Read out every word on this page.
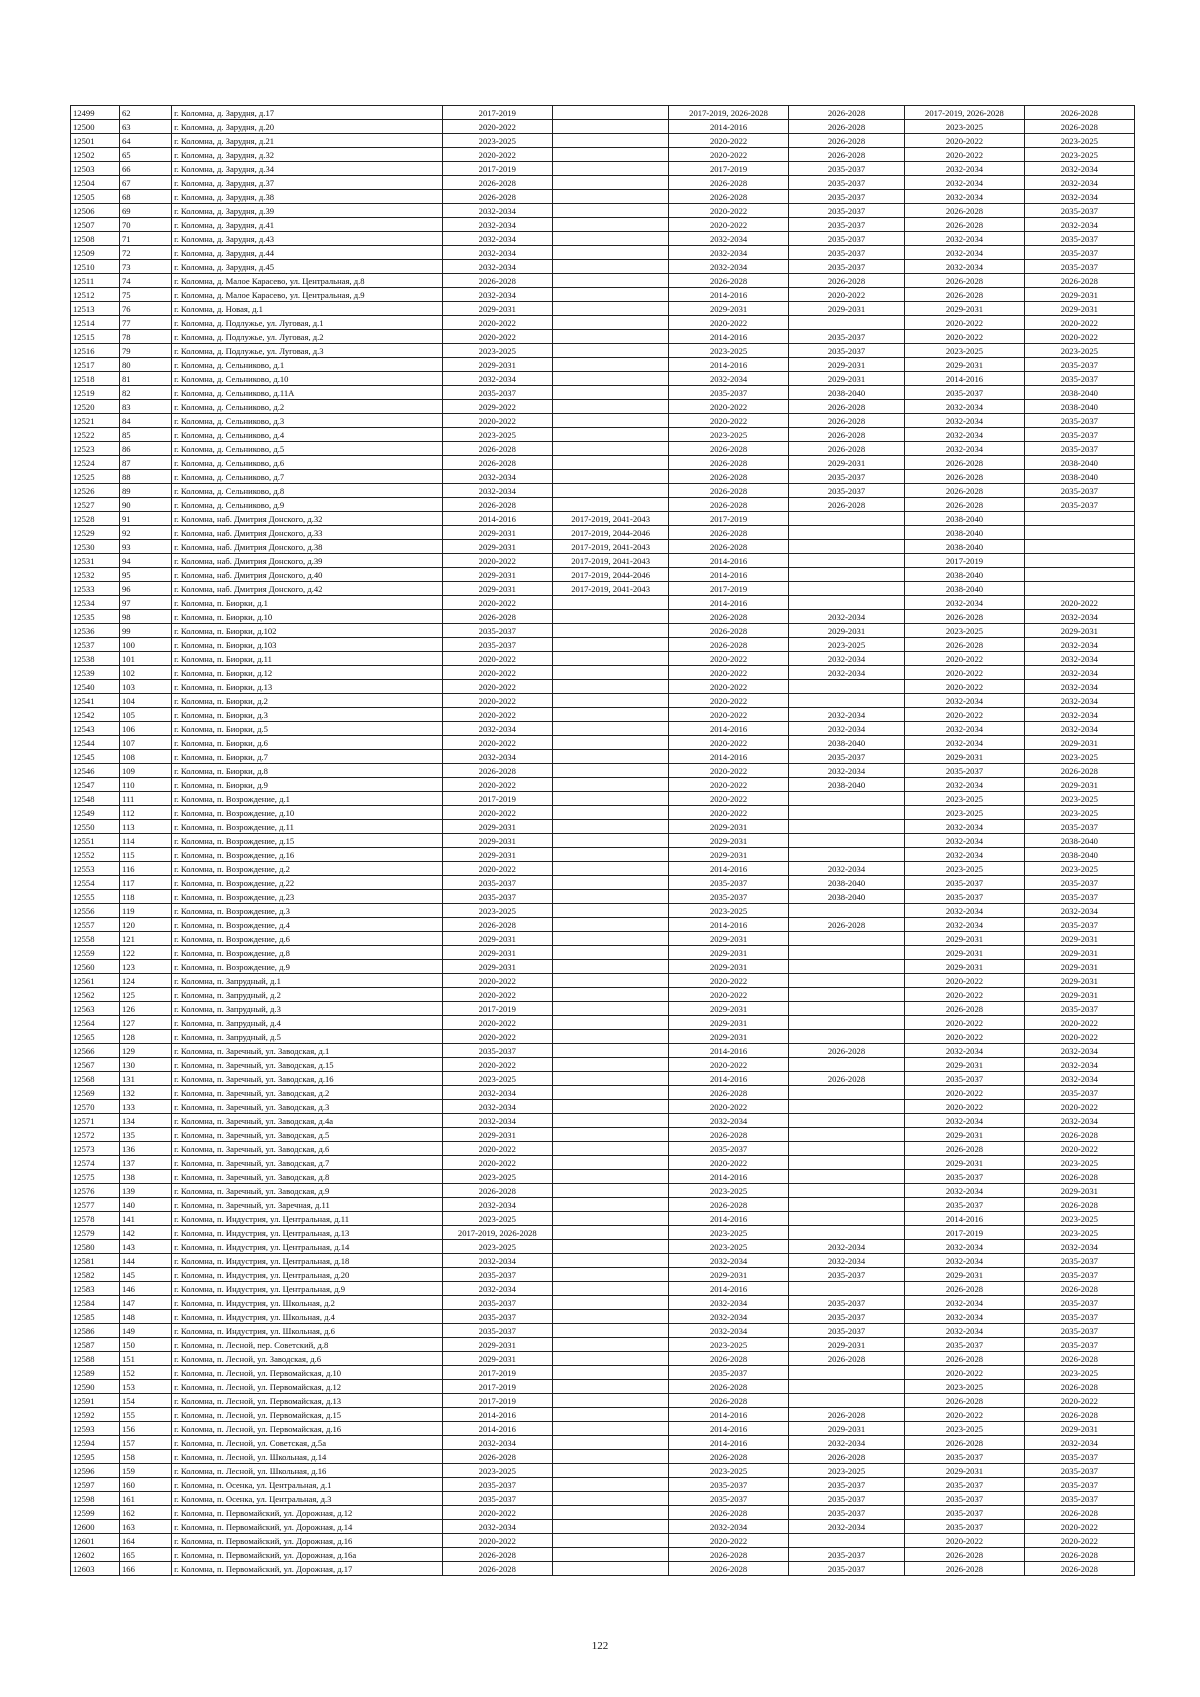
12499	62	г. Коломна, д. Зарудня, д.17	2017-2019		2017-2019, 2026-2028	2026-2028	2017-2019, 2026-2028	2026-2028
12500	63	г. Коломна, д. Зарудня, д.20	2020-2022		2014-2016	2026-2028	2023-2025	2026-2028
12501	64	г. Коломна, д. Зарудня, д.21	2023-2025		2020-2022	2026-2028	2020-2022	2023-2025
12502	65	г. Коломна, д. Зарудня, д.32	2020-2022		2020-2022	2026-2028	2020-2022	2023-2025
12503	66	г. Коломна, д. Зарудня, д.34	2017-2019		2017-2019	2035-2037	2032-2034	2032-2034
12504	67	г. Коломна, д. Зарудня, д.37	2026-2028		2026-2028	2035-2037	2032-2034	2032-2034
12505	68	г. Коломна, д. Зарудня, д.38	2026-2028		2026-2028	2035-2037	2032-2034	2032-2034
12506	69	г. Коломна, д. Зарудня, д.39	2032-2034		2020-2022	2035-2037	2026-2028	2035-2037
12507	70	г. Коломна, д. Зарудня, д.41	2032-2034		2020-2022	2035-2037	2026-2028	2032-2034
12508	71	г. Коломна, д. Зарудня, д.43	2032-2034		2032-2034	2035-2037	2032-2034	2035-2037
12509	72	г. Коломна, д. Зарудня, д.44	2032-2034		2032-2034	2035-2037	2032-2034	2035-2037
12510	73	г. Коломна, д. Зарудня, д.45	2032-2034		2032-2034	2035-2037	2032-2034	2035-2037
12511	74	г. Коломна, д. Малое Карасево, ул. Центральная, д.8	2026-2028		2026-2028	2026-2028	2026-2028	2026-2028
12512	75	г. Коломна, д. Малое Карасево, ул. Центральная, д.9	2032-2034		2014-2016	2020-2022	2026-2028	2029-2031
12513	76	г. Коломна, д. Новая, д.1	2029-2031		2029-2031	2029-2031	2029-2031	2029-2031
12514	77	г. Коломна, д. Подлужье, ул. Луговая, д.1	2020-2022		2020-2022		2020-2022	2020-2022
12515	78	г. Коломна, д. Подлужье, ул. Луговая, д.2	2020-2022		2014-2016	2035-2037	2020-2022	2020-2022
12516	79	г. Коломна, д. Подлужье, ул. Луговая, д.3	2023-2025		2023-2025	2035-2037	2023-2025	2023-2025
12517	80	г. Коломна, д. Сельниково, д.1	2029-2031		2014-2016	2029-2031	2029-2031	2035-2037
12518	81	г. Коломна, д. Сельниково, д.10	2032-2034		2032-2034	2029-2031	2014-2016	2035-2037
12519	82	г. Коломна, д. Сельниково, д.11А	2035-2037		2035-2037	2038-2040	2035-2037	2038-2040
12520	83	г. Коломна, д. Сельниково, д.2	2029-2022		2020-2022	2026-2028	2032-2034	2038-2040
12521	84	г. Коломна, д. Сельниково, д.3	2020-2022		2020-2022	2026-2028	2032-2034	2035-2037
12522	85	г. Коломна, д. Сельниково, д.4	2023-2025		2023-2025	2026-2028	2032-2034	2035-2037
12523	86	г. Коломна, д. Сельниково, д.5	2026-2028		2026-2028	2026-2028	2032-2034	2035-2037
12524	87	г. Коломна, д. Сельниково, д.6	2026-2028		2026-2028	2029-2031	2026-2028	2038-2040
12525	88	г. Коломна, д. Сельниково, д.7	2032-2034		2026-2028	2035-2037	2026-2028	2038-2040
12526	89	г. Коломна, д. Сельниково, д.8	2032-2034		2026-2028	2035-2037	2026-2028	2035-2037
12527	90	г. Коломна, д. Сельниково, д.9	2026-2028		2026-2028	2026-2028	2026-2028	2035-2037
12528	91	г. Коломна, наб. Дмитрия Донского, д.32	2014-2016	2017-2019, 2041-2043	2017-2019		2038-2040	
12529	92	г. Коломна, наб. Дмитрия Донского, д.33	2029-2031	2017-2019, 2044-2046	2026-2028		2038-2040	
12530	93	г. Коломна, наб. Дмитрия Донского, д.38	2029-2031	2017-2019, 2041-2043	2026-2028		2038-2040	
12531	94	г. Коломна, наб. Дмитрия Донского, д.39	2020-2022	2017-2019, 2041-2043	2014-2016		2017-2019	
12532	95	г. Коломна, наб. Дмитрия Донского, д.40	2029-2031	2017-2019, 2044-2046	2014-2016		2038-2040	
12533	96	г. Коломна, наб. Дмитрия Донского, д.42	2029-2031	2017-2019, 2041-2043	2017-2019		2038-2040	
12534	97	г. Коломна, п. Биорки, д.1	2020-2022		2014-2016		2032-2034	2020-2022
12535	98	г. Коломна, п. Биорки, д.10	2026-2028		2026-2028	2032-2034	2026-2028	2032-2034
12536	99	г. Коломна, п. Биорки, д.102	2035-2037		2026-2028	2029-2031	2023-2025	2029-2031
12537	100	г. Коломна, п. Биорки, д.103	2035-2037		2026-2028	2023-2025	2026-2028	2032-2034
12538	101	г. Коломна, п. Биорки, д.11	2020-2022		2020-2022	2032-2034	2020-2022	2032-2034
12539	102	г. Коломна, п. Биорки, д.12	2020-2022		2020-2022	2032-2034	2020-2022	2032-2034
12540	103	г. Коломна, п. Биорки, д.13	2020-2022		2020-2022		2020-2022	2032-2034
12541	104	г. Коломна, п. Биорки, д.2	2020-2022		2020-2022		2032-2034	2032-2034
12542	105	г. Коломна, п. Биорки, д.3	2020-2022		2020-2022	2032-2034	2020-2022	2032-2034
12543	106	г. Коломна, п. Биорки, д.5	2032-2034		2014-2016	2032-2034	2032-2034	2032-2034
12544	107	г. Коломна, п. Биорки, д.6	2020-2022		2020-2022	2038-2040	2032-2034	2029-2031
12545	108	г. Коломна, п. Биорки, д.7	2032-2034		2014-2016	2035-2037	2029-2031	2023-2025
12546	109	г. Коломна, п. Биорки, д.8	2026-2028		2020-2022	2032-2034	2035-2037	2026-2028
12547	110	г. Коломна, п. Биорки, д.9	2020-2022		2020-2022	2038-2040	2032-2034	2029-2031
12548	111	г. Коломна, п. Возрождение, д.1	2017-2019		2020-2022		2023-2025	2023-2025
12549	112	г. Коломна, п. Возрождение, д.10	2020-2022		2020-2022		2023-2025	2023-2025
12550	113	г. Коломна, п. Возрождение, д.11	2029-2031		2029-2031		2032-2034	2035-2037
12551	114	г. Коломна, п. Возрождение, д.15	2029-2031		2029-2031		2032-2034	2038-2040
12552	115	г. Коломна, п. Возрождение, д.16	2029-2031		2029-2031		2032-2034	2038-2040
12553	116	г. Коломна, п. Возрождение, д.2	2020-2022		2014-2016	2032-2034	2023-2025	2023-2025
12554	117	г. Коломна, п. Возрождение, д.22	2035-2037		2035-2037	2038-2040	2035-2037	2035-2037
12555	118	г. Коломна, п. Возрождение, д.23	2035-2037		2035-2037	2038-2040	2035-2037	2035-2037
12556	119	г. Коломна, п. Возрождение, д.3	2023-2025		2023-2025		2032-2034	2032-2034
12557	120	г. Коломна, п. Возрождение, д.4	2026-2028		2014-2016	2026-2028	2032-2034	2035-2037
12558	121	г. Коломна, п. Возрождение, д.6	2029-2031		2029-2031		2029-2031	2029-2031
12559	122	г. Коломна, п. Возрождение, д.8	2029-2031		2029-2031		2029-2031	2029-2031
12560	123	г. Коломна, п. Возрождение, д.9	2029-2031		2029-2031		2029-2031	2029-2031
12561	124	г. Коломна, п. Запрудный, д.1	2020-2022		2020-2022		2020-2022	2029-2031
12562	125	г. Коломна, п. Запрудный, д.2	2020-2022		2020-2022		2020-2022	2029-2031
12563	126	г. Коломна, п. Запрудный, д.3	2017-2019		2029-2031		2026-2028	2035-2037
12564	127	г. Коломна, п. Запрудный, д.4	2020-2022		2029-2031		2020-2022	2020-2022
12565	128	г. Коломна, п. Запрудный, д.5	2020-2022		2029-2031		2020-2022	2020-2022
12566	129	г. Коломна, п. Заречный, ул. Заводская, д.1	2035-2037		2014-2016	2026-2028	2032-2034	2032-2034
12567	130	г. Коломна, п. Заречный, ул. Заводская, д.15	2020-2022		2020-2022		2029-2031	2032-2034
12568	131	г. Коломна, п. Заречный, ул. Заводская, д.16	2023-2025		2014-2016	2026-2028	2035-2037	2032-2034
12569	132	г. Коломна, п. Заречный, ул. Заводская, д.2	2032-2034		2026-2028		2020-2022	2035-2037
12570	133	г. Коломна, п. Заречный, ул. Заводская, д.3	2032-2034		2020-2022		2020-2022	2020-2022
12571	134	г. Коломна, п. Заречный, ул. Заводская, д.4а	2032-2034		2032-2034		2032-2034	2032-2034
12572	135	г. Коломна, п. Заречный, ул. Заводская, д.5	2029-2031		2026-2028		2029-2031	2026-2028
12573	136	г. Коломна, п. Заречный, ул. Заводская, д.6	2020-2022		2035-2037		2026-2028	2020-2022
12574	137	г. Коломна, п. Заречный, ул. Заводская, д.7	2020-2022		2020-2022		2029-2031	2023-2025
12575	138	г. Коломна, п. Заречный, ул. Заводская, д.8	2023-2025		2014-2016		2035-2037	2026-2028
12576	139	г. Коломна, п. Заречный, ул. Заводская, д.9	2026-2028		2023-2025		2032-2034	2029-2031
12577	140	г. Коломна, п. Заречный, ул. Заречная, д.11	2032-2034		2026-2028		2035-2037	2026-2028
12578	141	г. Коломна, п. Индустрия, ул. Центральная, д.11	2023-2025		2014-2016		2014-2016	2023-2025
12579	142	г. Коломна, п. Индустрия, ул. Центральная, д.13	2017-2019, 2026-2028		2023-2025		2017-2019	2023-2025
12580	143	г. Коломна, п. Индустрия, ул. Центральная, д.14	2023-2025		2023-2025	2032-2034	2032-2034	2032-2034
12581	144	г. Коломна, п. Индустрия, ул. Центральная, д.18	2032-2034		2032-2034	2032-2034	2032-2034	2035-2037
12582	145	г. Коломна, п. Индустрия, ул. Центральная, д.20	2035-2037		2029-2031	2035-2037	2029-2031	2035-2037
12583	146	г. Коломна, п. Индустрия, ул. Центральная, д.9	2032-2034		2014-2016		2026-2028	2026-2028
12584	147	г. Коломна, п. Индустрия, ул. Школьная, д.2	2035-2037		2032-2034	2035-2037	2032-2034	2035-2037
12585	148	г. Коломна, п. Индустрия, ул. Школьная, д.4	2035-2037		2032-2034	2035-2037	2032-2034	2035-2037
12586	149	г. Коломна, п. Индустрия, ул. Школьная, д.6	2035-2037		2032-2034	2035-2037	2032-2034	2035-2037
12587	150	г. Коломна, п. Лесной, пер. Советский, д.8	2029-2031		2023-2025	2029-2031	2035-2037	2035-2037
12588	151	г. Коломна, п. Лесной, ул. Заводская, д.6	2029-2031		2026-2028	2026-2028	2026-2028	2026-2028
12589	152	г. Коломна, п. Лесной, ул. Первомайская, д.10	2017-2019		2035-2037		2020-2022	2023-2025
12590	153	г. Коломна, п. Лесной, ул. Первомайская, д.12	2017-2019		2026-2028		2023-2025	2026-2028
12591	154	г. Коломна, п. Лесной, ул. Первомайская, д.13	2017-2019		2026-2028		2026-2028	2020-2022
12592	155	г. Коломна, п. Лесной, ул. Первомайская, д.15	2014-2016		2014-2016	2026-2028	2020-2022	2026-2028
12593	156	г. Коломна, п. Лесной, ул. Первомайская, д.16	2014-2016		2014-2016	2029-2031	2023-2025	2029-2031
12594	157	г. Коломна, п. Лесной, ул. Советская, д.5а	2032-2034		2014-2016	2032-2034	2026-2028	2032-2034
12595	158	г. Коломна, п. Лесной, ул. Школьная, д.14	2026-2028		2026-2028	2026-2028	2035-2037	2035-2037
12596	159	г. Коломна, п. Лесной, ул. Школьная, д.16	2023-2025		2023-2025	2023-2025	2029-2031	2035-2037
12597	160	г. Коломна, п. Осенка, ул. Центральная, д.1	2035-2037		2035-2037	2035-2037	2035-2037	2035-2037
12598	161	г. Коломна, п. Осенка, ул. Центральная, д.3	2035-2037		2035-2037	2035-2037	2035-2037	2035-2037
12599	162	г. Коломна, п. Первомайский, ул. Дорожная, д.12	2020-2022		2026-2028	2035-2037	2035-2037	2026-2028
12600	163	г. Коломна, п. Первомайский, ул. Дорожная, д.14	2032-2034		2032-2034	2032-2034	2035-2037	2020-2022
12601	164	г. Коломна, п. Первомайский, ул. Дорожная, д.16	2020-2022		2020-2022		2020-2022	2020-2022
12602	165	г. Коломна, п. Первомайский, ул. Дорожная, д.16а	2026-2028		2026-2028	2035-2037	2026-2028	2026-2028
12603	166	г. Коломна, п. Первомайский, ул. Дорожная, д.17	2026-2028		2026-2028	2035-2037	2026-2028	2026-2028
122
